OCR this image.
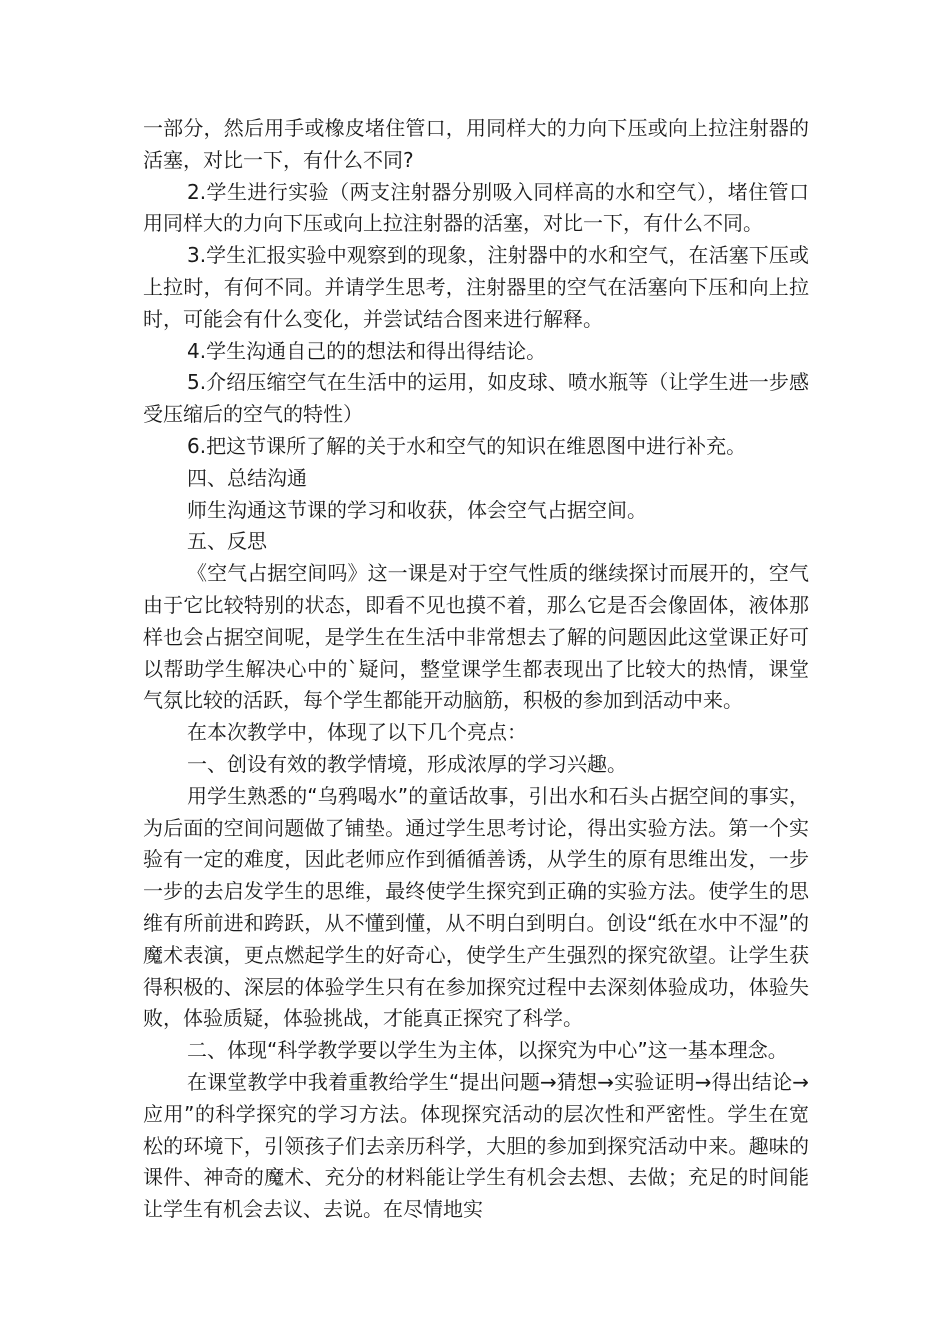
一部分，然后用手或橡皮堵住管口，用同样大的力向下压或向上拉注射器的活塞，对比一下，有什么不同?

2.学生进行实验（两支注射器分别吸入同样高的水和空气），堵住管口用同样大的力向下压或向上拉注射器的活塞，对比一下，有什么不同。

3.学生汇报实验中观察到的现象，注射器中的水和空气，在活塞下压或上拉时，有何不同。并请学生思考，注射器里的空气在活塞向下压和向上拉时，可能会有什么变化，并尝试结合图来进行解释。

4.学生沟通自己的的想法和得出得结论。

5.介绍压缩空气在生活中的运用，如皮球、喷水瓶等（让学生进一步感受压缩后的空气的特性）

6.把这节课所了解的关于水和空气的知识在维恩图中进行补充。

四、总结沟通

师生沟通这节课的学习和收获，体会空气占据空间。

五、反思

《空气占据空间吗》这一课是对于空气性质的继续探讨而展开的，空气由于它比较特别的状态，即看不见也摸不着，那么它是否会像固体，液体那样也会占据空间呢，是学生在生活中非常想去了解的问题因此这堂课正好可以帮助学生解决心中的`疑问，整堂课学生都表现出了比较大的热情，课堂气氛比较的活跃，每个学生都能开动脑筋，积极的参加到活动中来。

在本次教学中，体现了以下几个亮点：

一、创设有效的教学情境，形成浓厚的学习兴趣。

用学生熟悉的“乌鸦喝水”的童话故事，引出水和石头占据空间的事实，为后面的空间问题做了铺垫。通过学生思考讨论，得出实验方法。第一个实验有一定的难度，因此老师应作到循循善诱，从学生的原有思维出发，一步一步的去启发学生的思维，最终使学生探究到正确的实验方法。使学生的思维有所前进和跨跃，从不懂到懂，从不明白到明白。创设“纸在水中不湿”的魔术表演，更点燃起学生的好奇心，使学生产生强烈的探究欲望。让学生获得积极的、深层的体验学生只有在参加探究过程中去深刻体验成功，体验失败，体验质疑，体验挑战，才能真正探究了科学。

二、体现“科学教学要以学生为主体，以探究为中心”这一基本理念。

在课堂教学中我着重教给学生“提出问题→猜想→实验证明→得出结论→应用”的科学探究的学习方法。体现探究活动的层次性和严密性。学生在宽松的环境下，引领孩子们去亲历科学，大胆的参加到探究活动中来。趣味的课件、神奇的魔术、充分的材料能让学生有机会去想、去做；充足的时间能让学生有机会去议、去说。在尽情地实
